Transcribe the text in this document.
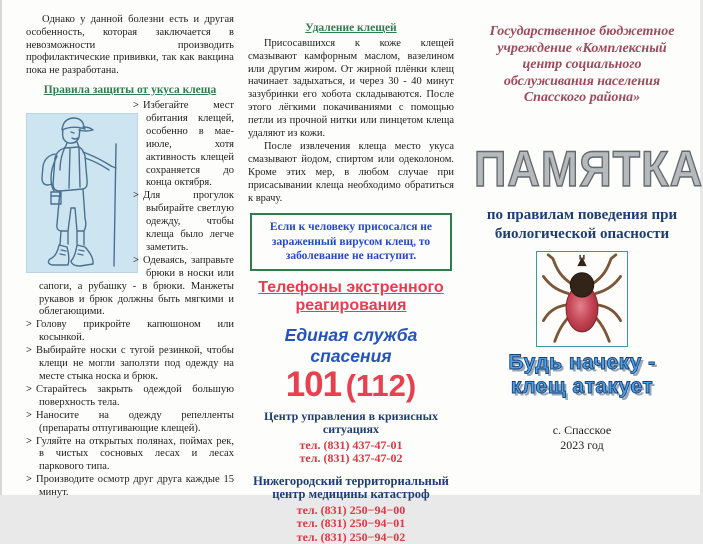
Однако у данной болезни есть и другая особенность, которая заключается в невозможности производить профилактические прививки, так как вакцина пока не разработана.

Правила защиты от укуса клеща
> Избегайте мест обитания клещей, особенно в мае-июле, хотя активность клещей сохраняется до конца октября.
> Для прогулок выбирайте светлую одежду, чтобы клеща было легче заметить.
> Одеваясь, заправьте брюки в носки или сапоги, а рубашку - в брюки. Манжеты рукавов и брюк должны быть мягкими и облегающими.
> Голову прикройте капюшоном или косынкой.
> Выбирайте носки с тугой резинкой, чтобы клещи не могли заползти под одежду на месте стыка носка и брюк.
> Старайтесь закрыть одеждой большую поверхность тела.
> Наносите на одежду репелленты (препараты отпугивающие клещей).
> Гуляйте на открытых полянах, поймах рек, в чистых сосновых лесах и лесах паркового типа.
> Производите осмотр друг друга каждые 15 минут.
Удаление клещей

Присосавшихся к коже клещей смазывают камфорным маслом, вазелином или другим жиром. От жирной плёнки клещ начинает задыхаться, и через 30 - 40 минут зазубринки его хобота складываются. После этого лёгкими покачиваниями с помощью петли из прочной нитки или пинцетом клеща удаляют из кожи.

После извлечения клеща место укуса смазывают йодом, спиртом или одеколоном. Кроме этих мер, в любом случае при присасывании клеща необходимо обратиться к врачу.

Если к человеку присосался не зараженный вирусом клещ, то заболевание не наступит.
Телефоны экстренного реагирования
Единая служба спасения
101 (112)
Центр управления в кризисных ситуациях
тел. (831) 437-47-01
тел. (831) 437-47-02
Нижегородский территориальный центр медицины катастроф
тел. (831) 250−94−00
тел. (831) 250−94−01
тел. (831) 250−94−02
Государственное бюджетное учреждение «Комплексный центр социального обслуживания населения Спасского района»
ПАМЯТКА
по правилам поведения при биологической опасности
Будь начеку -
клещ атакует
с. Спасское
2023 год
